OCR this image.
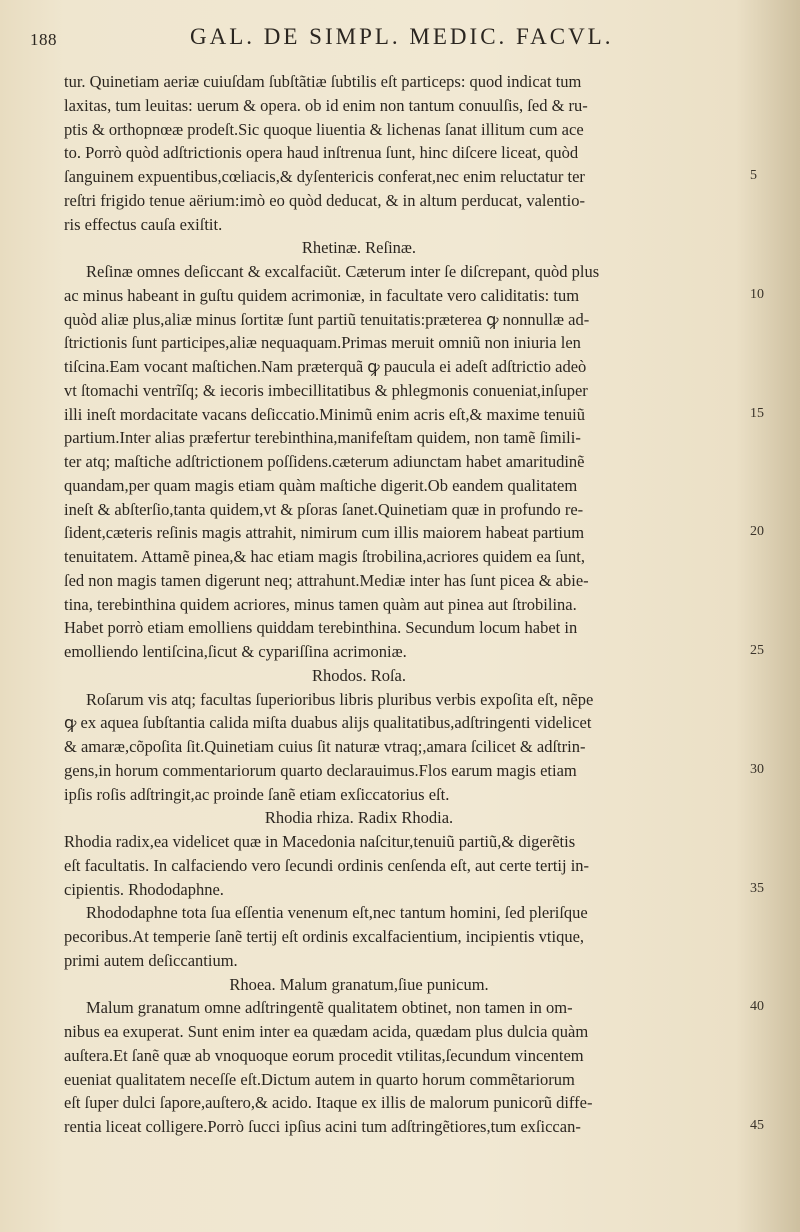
188	GAL. DE SIMPL. MEDIC. FACVL.
tur. Quinetiam aeriæ cuiuſdam ſubſtãtiæ ſubtilis eſt particeps: quod indicat tum
laxitas, tum leuitas: uerum & opera. ob id enim non tantum conuulſis, ſed & ru-
ptis & orthopnœæ prodeſt.Sic quoque liuentia & lichenas ſanat illitum cum ace
to. Porrò quòd adſtrictionis opera haud inſtrenua ſunt, hinc diſcere liceat, quòd
ſanguinem expuentibus,cœliacis,& dyſentericis conferat,nec enim reluctatur ter
reſtri frigido tenue aërium:imò eo quòd deducat, & in altum perducat, valentio-
ris effectus cauſa exiſtit.
Rhetinæ. Reſinæ.
Reſinæ omnes deſiccant & excalfaciũt. Cæterum inter ſe diſcrepant, quòd plus
ac minus habeant in guſtu quidem acrimoniæ, in facultate vero caliditatis: tum
quòd aliæ plus,aliæ minus ſortitæ ſunt partiũ tenuitatis:præterea ꝙ nonnullæ ad-
ſtrictionis ſunt participes,aliæ nequaquam.Primas meruit omniũ non iniuria len
tiſcina.Eam vocant maſtichen.Nam præterquã ꝙ paucula ei adeſt adſtrictio adeò
vt ſtomachi ventrĩſq; & iecoris imbecillitatibus & phlegmonis conueniat,inſuper
illi ineſt mordacitate vacans deſiccatio.Minimũ enim acris eſt,& maxime tenuiũ
partium.Inter alias præfertur terebinthina,manifeſtam quidem, non tamẽ ſimili-
ter atq; maſtiche adſtrictionem poſſidens.cæterum adiunctam habet amaritudinẽ
quandam,per quam magis etiam quàm maſtiche digerit.Ob eandem qualitatem
ineſt & abſterſio,tanta quidem,vt & pſoras ſanet.Quinetiam quæ in profundo re-
ſident,cæteris reſinis magis attrahit, nimirum cum illis maiorem habeat partium
tenuitatem. Attamẽ pinea,& hac etiam magis ſtrobilina,acriores quidem ea ſunt,
ſed non magis tamen digerunt neq; attrahunt.Mediæ inter has ſunt picea & abie-
tina, terebinthina quidem acriores, minus tamen quàm aut pinea aut ſtrobilina.
Habet porrò etiam emolliens quiddam terebinthina. Secundum locum habet in
emolliendo lentiſcina,ſicut & cypariſſina acrimoniæ.
Rhodos. Roſa.
Roſarum vis atq; facultas ſuperioribus libris pluribus verbis expoſita eſt, nẽpe
ꝙ ex aquea ſubſtantia calida miſta duabus alijs qualitatibus,adſtringenti videlicet
& amaræ,cõpoſita ſit.Quinetiam cuius ſit naturæ vtraq;,amara ſcilicet & adſtrin-
gens,in horum commentariorum quarto declarauimus.Flos earum magis etiam
ipſis roſis adſtringit,ac proinde ſanẽ etiam exſiccatorius eſt.
Rhodia rhiza. Radix Rhodia.
Rhodia radix,ea videlicet quæ in Macedonia naſcitur,tenuiũ partiũ,& digerẽtis
eſt facultatis. In calfaciendo vero ſecundi ordinis cenſenda eſt, aut certe tertij in-
cipientis. Rhododaphne.
Rhododaphne tota ſua eſſentia venenum eſt,nec tantum homini, ſed pleriſque
pecoribus.At temperie ſanẽ tertij eſt ordinis excalfacientium, incipientis vtique,
primi autem deſiccantium.
Rhoea. Malum granatum,ſiue punicum.
Malum granatum omne adſtringentẽ qualitatem obtinet, non tamen in om-
nibus ea exuperat. Sunt enim inter ea quædam acida, quædam plus dulcia quàm
auſtera.Et ſanẽ quæ ab vnoquoque eorum procedit vtilitas,ſecundum vincentem
eueniat qualitatem neceſſe eſt.Dictum autem in quarto horum commẽtariorum
eſt ſuper dulci ſapore,auſtero,& acido. Itaque ex illis de malorum punicorũ diffe-
rentia liceat colligere.Porrò ſucci ipſius acini tum adſtringẽtiores,tum exſiccan-
5
10
15
20
25
30
35
40
45
